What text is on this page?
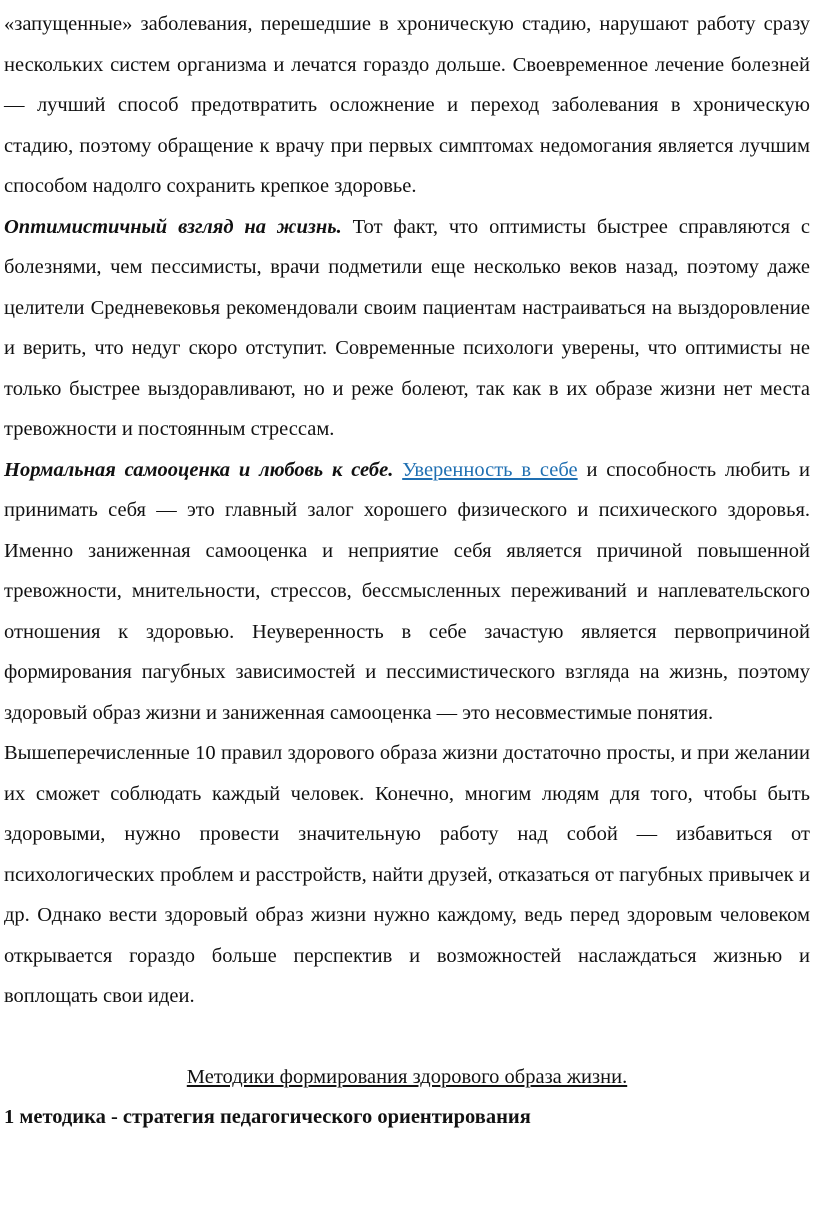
«запущенные» заболевания, перешедшие в хроническую стадию, нарушают работу сразу нескольких систем организма и лечатся гораздо дольше. Своевременное лечение болезней — лучший способ предотвратить осложнение и переход заболевания в хроническую стадию, поэтому обращение к врачу при первых симптомах недомогания является лучшим способом надолго сохранить крепкое здоровье.

Оптимистичный взгляд на жизнь. Тот факт, что оптимисты быстрее справляются с болезнями, чем пессимисты, врачи подметили еще несколько веков назад, поэтому даже целители Средневековья рекомендовали своим пациентам настраиваться на выздоровление и верить, что недуг скоро отступит. Современные психологи уверены, что оптимисты не только быстрее выздоравливают, но и реже болеют, так как в их образе жизни нет места тревожности и постоянным стрессам.

Нормальная самооценка и любовь к себе. Уверенность в себе и способность любить и принимать себя — это главный залог хорошего физического и психического здоровья. Именно заниженная самооценка и неприятие себя является причиной повышенной тревожности, мнительности, стрессов, бессмысленных переживаний и наплевательского отношения к здоровью. Неуверенность в себе зачастую является первопричиной формирования пагубных зависимостей и пессимистического взгляда на жизнь, поэтому здоровый образ жизни и заниженная самооценка — это несовместимые понятия.

Вышеперечисленные 10 правил здорового образа жизни достаточно просты, и при желании их сможет соблюдать каждый человек. Конечно, многим людям для того, чтобы быть здоровыми, нужно провести значительную работу над собой — избавиться от психологических проблем и расстройств, найти друзей, отказаться от пагубных привычек и др. Однако вести здоровый образ жизни нужно каждому, ведь перед здоровым человеком открывается гораздо больше перспектив и возможностей наслаждаться жизнью и воплощать свои идеи.

Методики формирования здорового образа жизни.

1 методика - стратегия педагогического ориентирования
